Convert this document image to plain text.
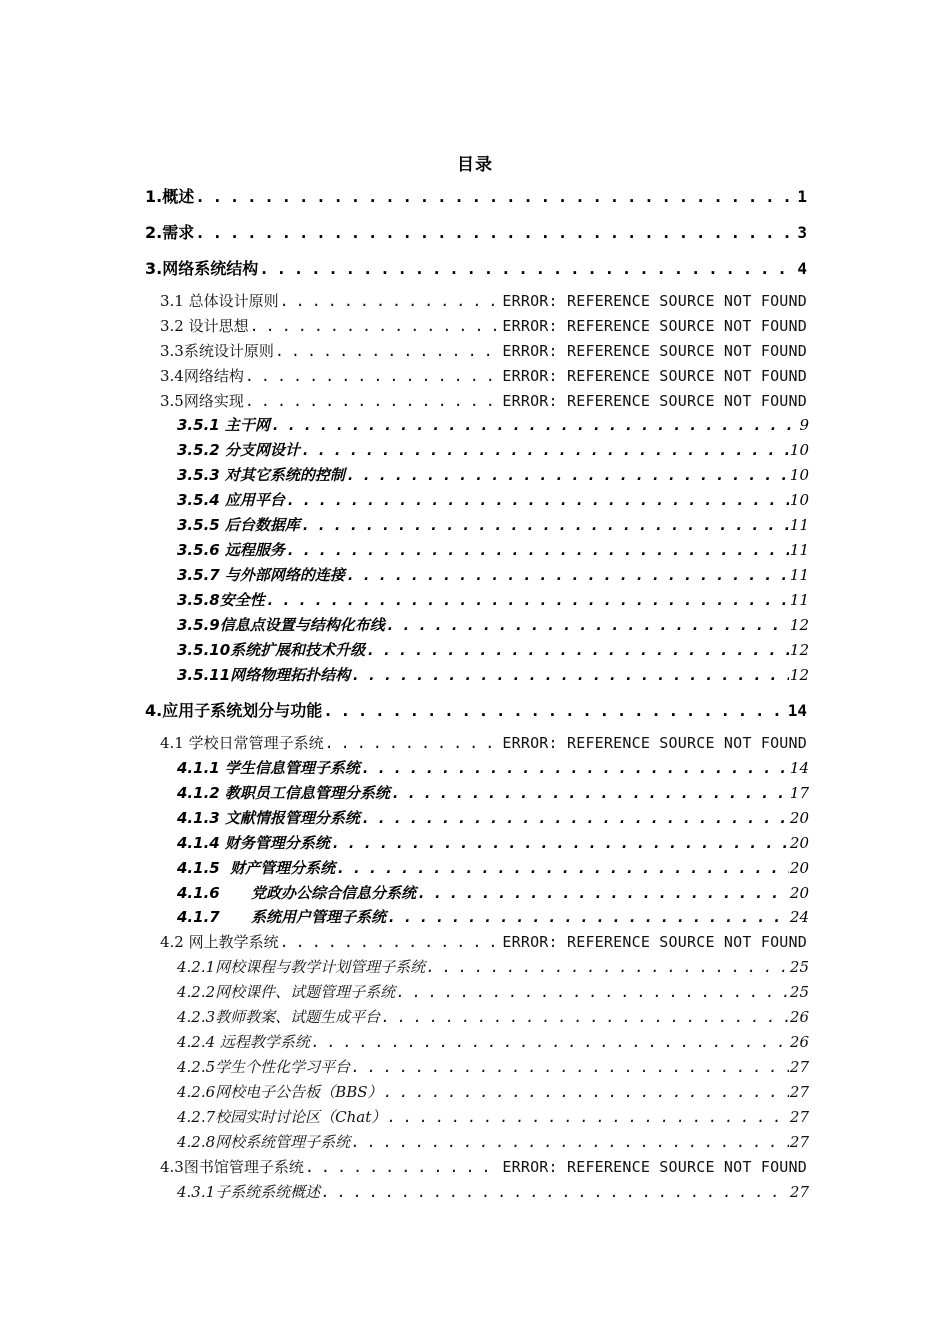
目录
1.概述 . . .	1
2.需求 . . .	3
3.网络系统结构 . . .	4
3.1 总体设计原则 . . .	ERROR: REFERENCE SOURCE NOT FOUND
3.2 设计思想 . . .	ERROR: REFERENCE SOURCE NOT FOUND
3.3系统设计原则 . . .	ERROR: REFERENCE SOURCE NOT FOUND
3.4网络结构 . . .	ERROR: REFERENCE SOURCE NOT FOUND
3.5网络实现 . . .	ERROR: REFERENCE SOURCE NOT FOUND
3.5.1 主干网 . . .	9
3.5.2 分支网设计 . . .	10
3.5.3 对其它系统的控制 . . .	10
3.5.4 应用平台 . . .	10
3.5.5 后台数据库 . . .	11
3.5.6 远程服务 . . .	11
3.5.7 与外部网络的连接 . . .	11
3.5.8安全性 . . .	11
3.5.9信息点设置与结构化布线 . . .	12
3.5.10系统扩展和技术升级 . . .	12
3.5.11网络物理拓扑结构 . . .	12
4.应用子系统划分与功能 . . .	14
4.1 学校日常管理子系统 . . .	ERROR: REFERENCE SOURCE NOT FOUND
4.1.1 学生信息管理子系统 . . .	14
4.1.2 教职员工信息管理分系统 . . .	17
4.1.3 文献情报管理分系统 . . .	20
4.1.4 财务管理分系统 . . .	20
4.1.5  财产管理分系统 . . .	20
4.1.6      党政办公综合信息分系统 . . .	20
4.1.7      系统用户管理子系统 . . .	24
4.2 网上教学系统 . . .	ERROR: REFERENCE SOURCE NOT FOUND
4.2.1网校课程与教学计划管理子系统 . . .	25
4.2.2网校课件、试题管理子系统 . . .	25
4.2.3教师教案、试题生成平台 . . .	26
4.2.4 远程教学系统 . . .	26
4.2.5学生个性化学习平台 . . .	27
4.2.6网校电子公告板（BBS） . . .	27
4.2.7校园实时讨论区（Chat） . . .	27
4.2.8网校系统管理子系统 . . .	27
4.3图书馆管理子系统 . . .	ERROR: REFERENCE SOURCE NOT FOUND
4.3.1子系统系统概述 . . .	27
